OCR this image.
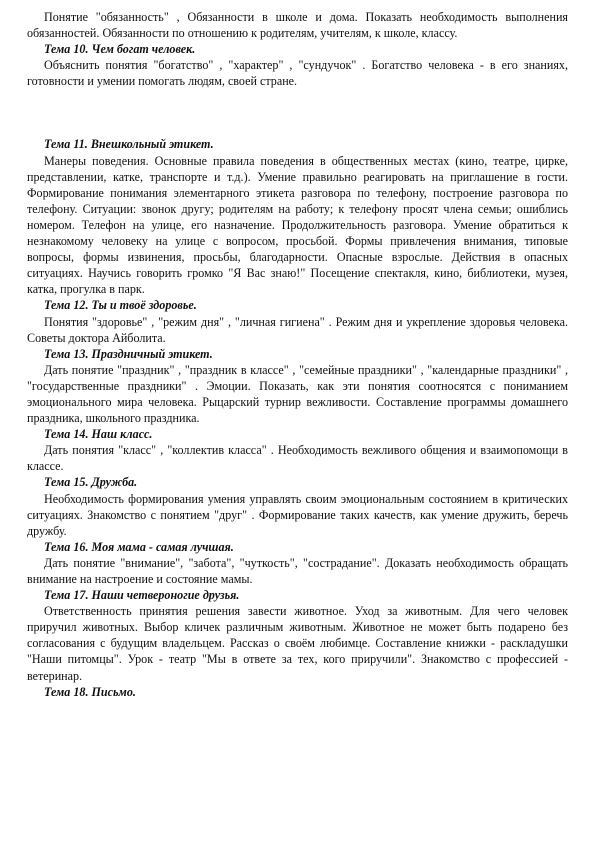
Понятие "обязанность" , Обязанности в школе и дома. Показать необходимость выполнения обязанностей. Обязанности по отношению к родителям, учителям, к школе, классу.

Тема 10. Чем богат человек.

Объяснить понятия "богатство" , "характер" , "сундучок" . Богатство человека - в его знаниях, готовности и умении помогать людям, своей стране.

Тема 11. Внешкольный этикет.

Манеры поведения. Основные правила поведения в общественных местах (кино, театре, цирке, представлении, катке, транспорте и т.д.). Умение правильно реагировать на приглашение в гости. Формирование понимания элементарного этикета разговора по телефону, построение разговора по телефону. Ситуации: звонок другу; родителям на работу; к телефону просят члена семьи; ошиблись номером. Телефон на улице, его назначение. Продолжительность разговора. Умение обратиться к незнакомому человеку на улице с вопросом, просьбой. Формы привлечения внимания, типовые вопросы, формы извинения, просьбы, благодарности. Опасные взрослые. Действия в опасных ситуациях. Научись говорить громко "Я Вас знаю!" Посещение спектакля, кино, библиотеки, музея, катка, прогулка в парк.

Тема 12. Ты и твоё здоровье.

Понятия "здоровье" , "режим дня" , "личная гигиена" . Режим дня и укрепление здоровья человека. Советы доктора Айболита.

Тема 13. Праздничный этикет.

Дать понятие "праздник" , "праздник в классе" , "семейные праздники" , "календарные праздники" , "государственные праздники" . Эмоции. Показать, как эти понятия соотносятся с пониманием эмоционального мира человека. Рыцарский турнир вежливости. Составление программы домашнего праздника, школьного праздника.

Тема 14. Наш класс.

Дать понятия "класс" , "коллектив класса" . Необходимость вежливого общения и взаимопомощи в классе.

Тема 15. Дружба.

Необходимость формирования умения управлять своим эмоциональным состоянием в критических ситуациях. Знакомство с понятием "друг" . Формирование таких качеств, как умение дружить, беречь дружбу.

Тема 16. Моя мама - самая лучшая.

Дать понятие "внимание", "забота", "чуткость", "сострадание". Доказать необходимость обращать внимание на настроение и состояние мамы.

Тема 17. Наши четвероногие друзья.

Ответственность принятия решения завести животное. Уход за животным. Для чего человек приручил животных. Выбор кличек различным животным. Животное не может быть подарено без согласования с будущим владельцем. Рассказ о своём любимце. Составление книжки - раскладушки "Наши питомцы". Урок - театр "Мы в ответе за тех, кого приручили". Знакомство с профессией - ветеринар.

Тема 18. Письмо.
